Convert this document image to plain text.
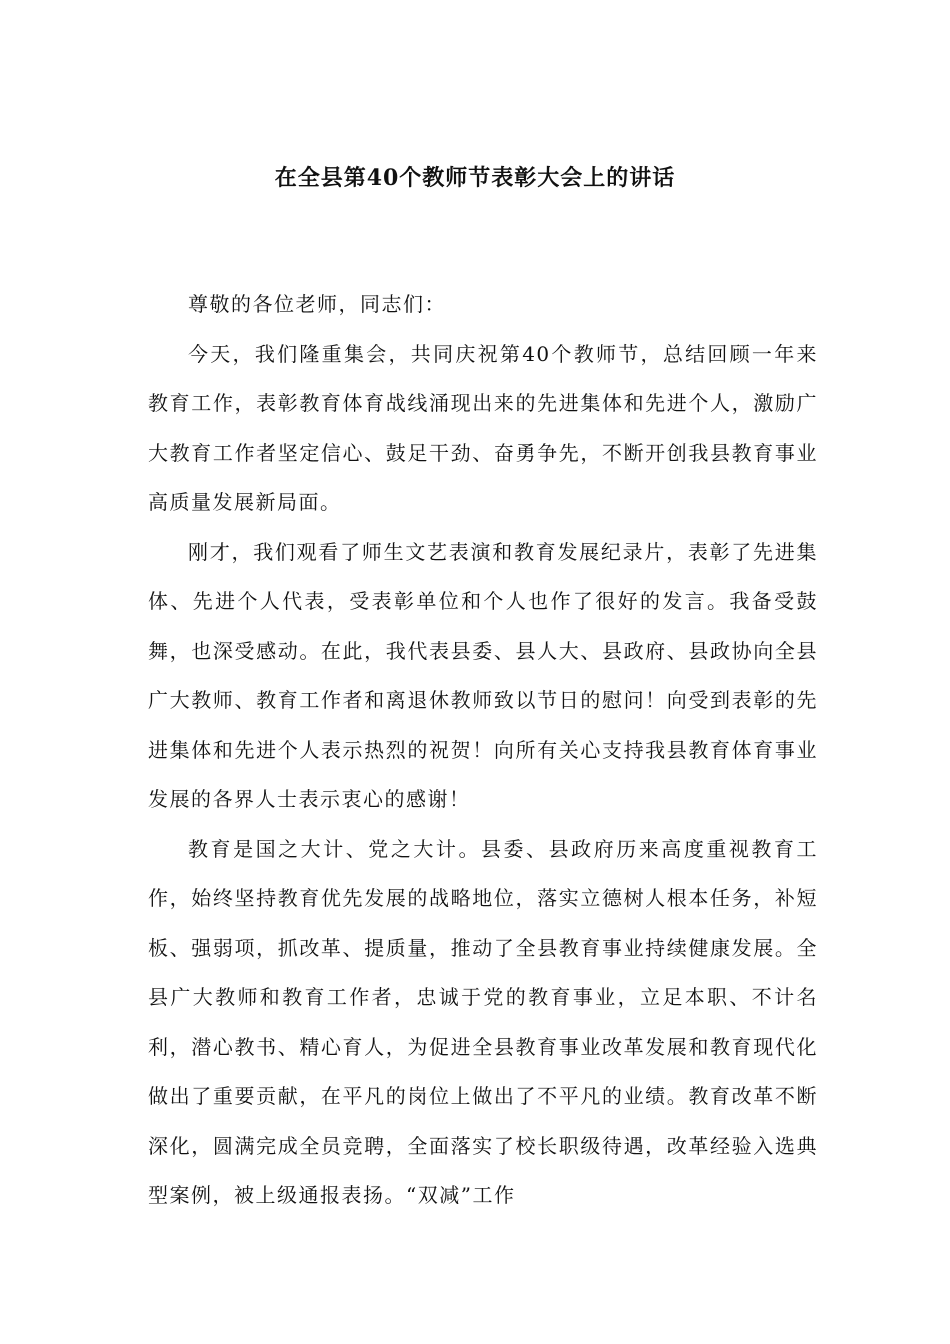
在全县第40个教师节表彰大会上的讲话

尊敬的各位老师，同志们：

今天，我们隆重集会，共同庆祝第40个教师节，总结回顾一年来教育工作，表彰教育体育战线涌现出来的先进集体和先进个人，激励广大教育工作者坚定信心、鼓足干劲、奋勇争先，不断开创我县教育事业高质量发展新局面。

刚才，我们观看了师生文艺表演和教育发展纪录片，表彰了先进集体、先进个人代表，受表彰单位和个人也作了很好的发言。我备受鼓舞，也深受感动。在此，我代表县委、县人大、县政府、县政协向全县广大教师、教育工作者和离退休教师致以节日的慰问！向受到表彰的先进集体和先进个人表示热烈的祝贺！向所有关心支持我县教育体育事业发展的各界人士表示衷心的感谢！

教育是国之大计、党之大计。县委、县政府历来高度重视教育工作，始终坚持教育优先发展的战略地位，落实立德树人根本任务，补短板、强弱项，抓改革、提质量，推动了全县教育事业持续健康发展。全县广大教师和教育工作者，忠诚于党的教育事业，立足本职、不计名利，潜心教书、精心育人，为促进全县教育事业改革发展和教育现代化做出了重要贡献，在平凡的岗位上做出了不平凡的业绩。教育改革不断深化，圆满完成全员竞聘，全面落实了校长职级待遇，改革经验入选典型案例，被上级通报表扬。“双减”工作
